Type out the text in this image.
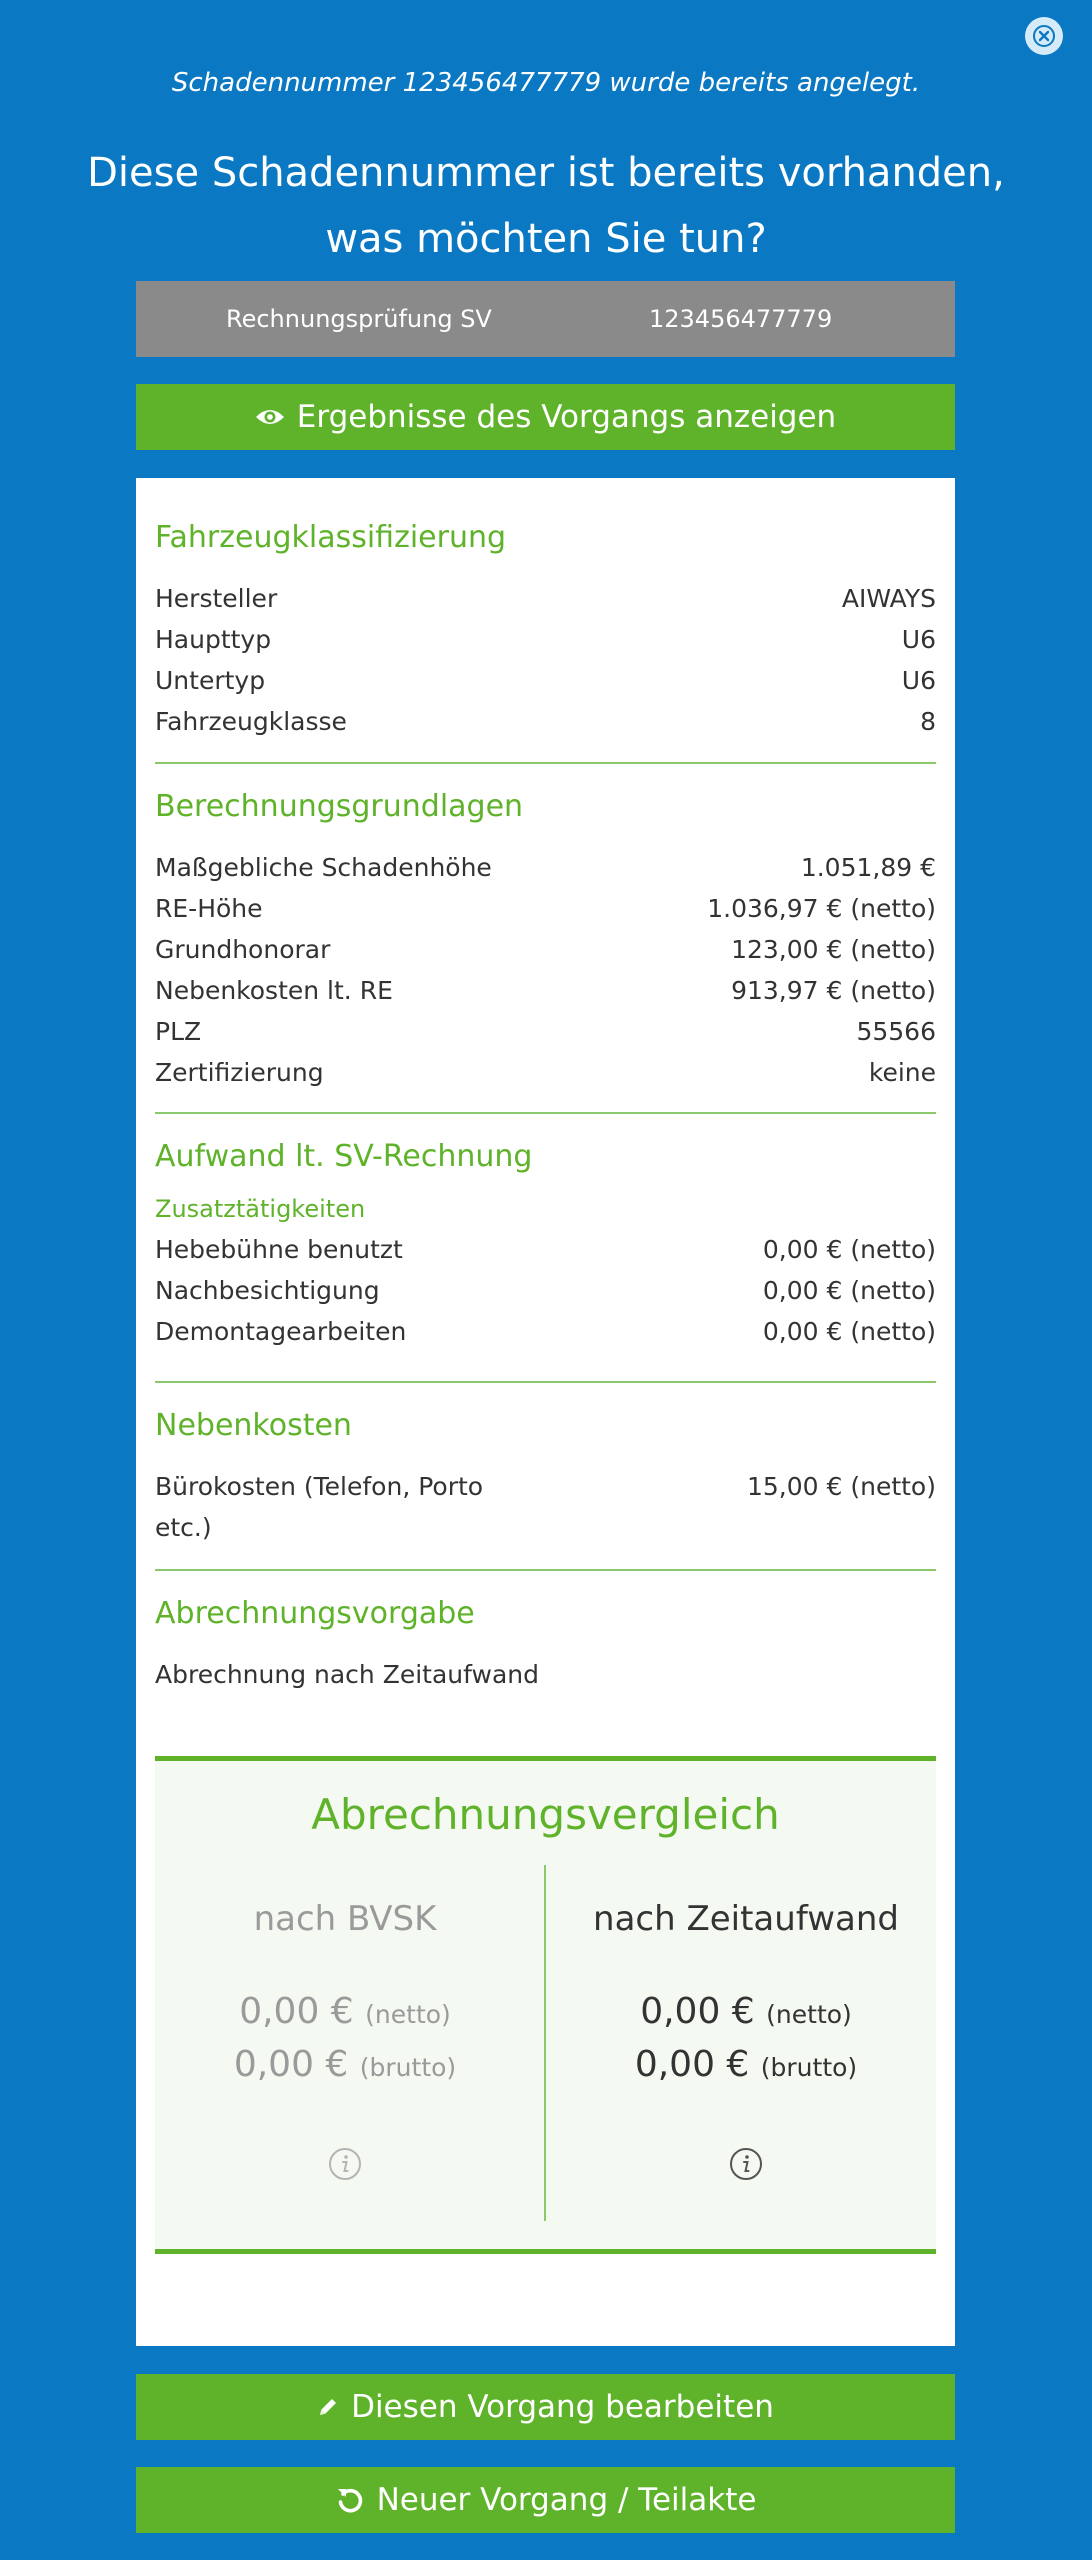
Schadennummer 123456477779 wurde bereits angelegt.
Diese Schadennummer ist bereits vorhanden,
was möchten Sie tun?
Rechnungsprüfung SV	123456477779
Ergebnisse des Vorgangs anzeigen
Fahrzeugklassifizierung
Hersteller	AIWAYS
Haupttyp	U6
Untertyp	U6
Fahrzeugklasse	8
Berechnungsgrundlagen
Maßgebliche Schadenhöhe	1.051,89 €
RE-Höhe	1.036,97 € (netto)
Grundhonorar	123,00 € (netto)
Nebenkosten lt. RE	913,97 € (netto)
PLZ	55566
Zertifizierung	keine
Aufwand lt. SV-Rechnung
Zusatztätigkeiten
Hebebühne benutzt	0,00 € (netto)
Nachbesichtigung	0,00 € (netto)
Demontagearbeiten	0,00 € (netto)
Nebenkosten
Bürokosten (Telefon, Porto etc.)
15,00 € (netto)
Abrechnungsvorgabe
Abrechnung nach Zeitaufwand
Abrechnungsvergleich
nach BVSK
0,00 € (netto)
0,00 € (brutto)
nach Zeitaufwand
0,00 € (netto)
0,00 € (brutto)
Diesen Vorgang bearbeiten
Neuer Vorgang / Teilakte
